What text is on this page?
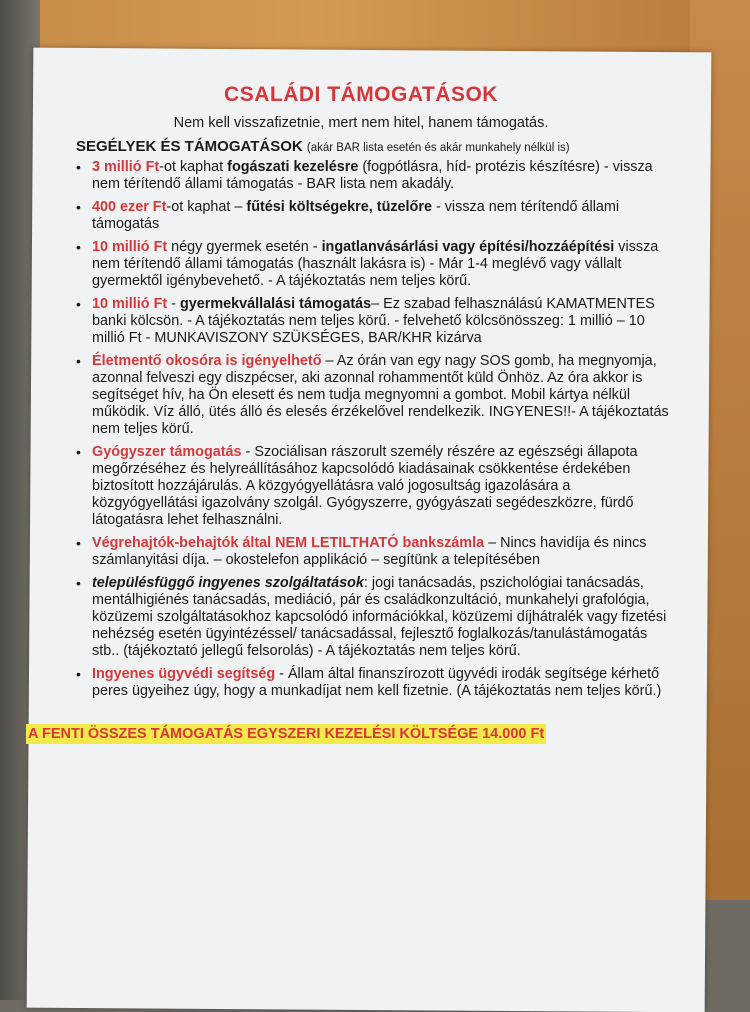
CSALÁDI TÁMOGATÁSOK
Nem kell visszafizetnie, mert nem hitel, hanem támogatás.
SEGÉLYEK ÉS TÁMOGATÁSOK (akár BAR lista esetén és akár munkahely nélkül is)
• 3 millió Ft-ot kaphat fogászati kezelésre (fogpótlásra, híd- protézis készítésre) - vissza nem térítendő állami támogatás - BAR lista nem akadály.
• 400 ezer Ft-ot kaphat – fűtési költségekre, tüzelőre - vissza nem térítendő állami támogatás
• 10 millió Ft négy gyermek esetén - ingatlanvásárlási vagy építési/hozzáépítési vissza nem térítendő állami támogatás (használt lakásra is) - Már 1-4 meglévő vagy vállalt gyermektől igénybevehető. - A tájékoztatás nem teljes körű.
• 10 millió Ft - gyermekvállalási támogatás– Ez szabad felhasználású KAMATMENTES banki kölcsön. - A tájékoztatás nem teljes körű. - felvehető kölcsönösszeg: 1 millió – 10 millió Ft - MUNKAVISZONY SZÜKSÉGES, BAR/KHR kizárva
• Életmentő okosóra is igényelhető – Az órán van egy nagy SOS gomb, ha megnyomja, azonnal felveszi egy diszpécser, aki azonnal rohammentőt küld Önhöz. Az óra akkor is segítséget hív, ha Ön elesett és nem tudja megnyomni a gombot. Mobil kártya nélkül működik. Víz álló, ütés álló és elesés érzékelővel rendelkezik. INGYENES!!- A tájékoztatás nem teljes körű.
• Gyógyszer támogatás - Szociálisan rászorult személy részére az egészségi állapota megőrzéséhez és helyreállításához kapcsolódó kiadásainak csökkentése érdekében biztosított hozzájárulás. A közgyógyellátásra való jogosultság igazolására a közgyógyellátási igazolvány szolgál. Gyógyszerre, gyógyászati segédeszközre, fürdő látogatásra lehet felhasználni.
• Végrehajtók-behajtók által NEM LETILTHATÓ bankszámla – Nincs havidíja és nincs számlanyitási díja. – okostelefon applikáció – segítünk a telepítésében
• településfüggő ingyenes szolgáltatások: jogi tanácsadás, pszichológiai tanácsadás, mentálhigiénés tanácsadás, mediáció, pár és családkonzultáció, munkahelyi grafológia, közüzemi szolgáltatásokhoz kapcsolódó információkkal, közüzemi díjhátralék vagy fizetési nehézség esetén ügyintézéssel/ tanácsadással, fejlesztő foglalkozás/tanulástámogatás stb.. (tájékoztató jellegű felsorolás) - A tájékoztatás nem teljes körű.
• Ingyenes ügyvédi segítség - Állam által finanszírozott ügyvédi irodák segítsége kérhető peres ügyeihez úgy, hogy a munkadíjat nem kell fizetnie. (A tájékoztatás nem teljes körű.)
A FENTI ÖSSZES TÁMOGATÁS EGYSZERI KEZELÉSI KÖLTSÉGE 14.000 Ft
